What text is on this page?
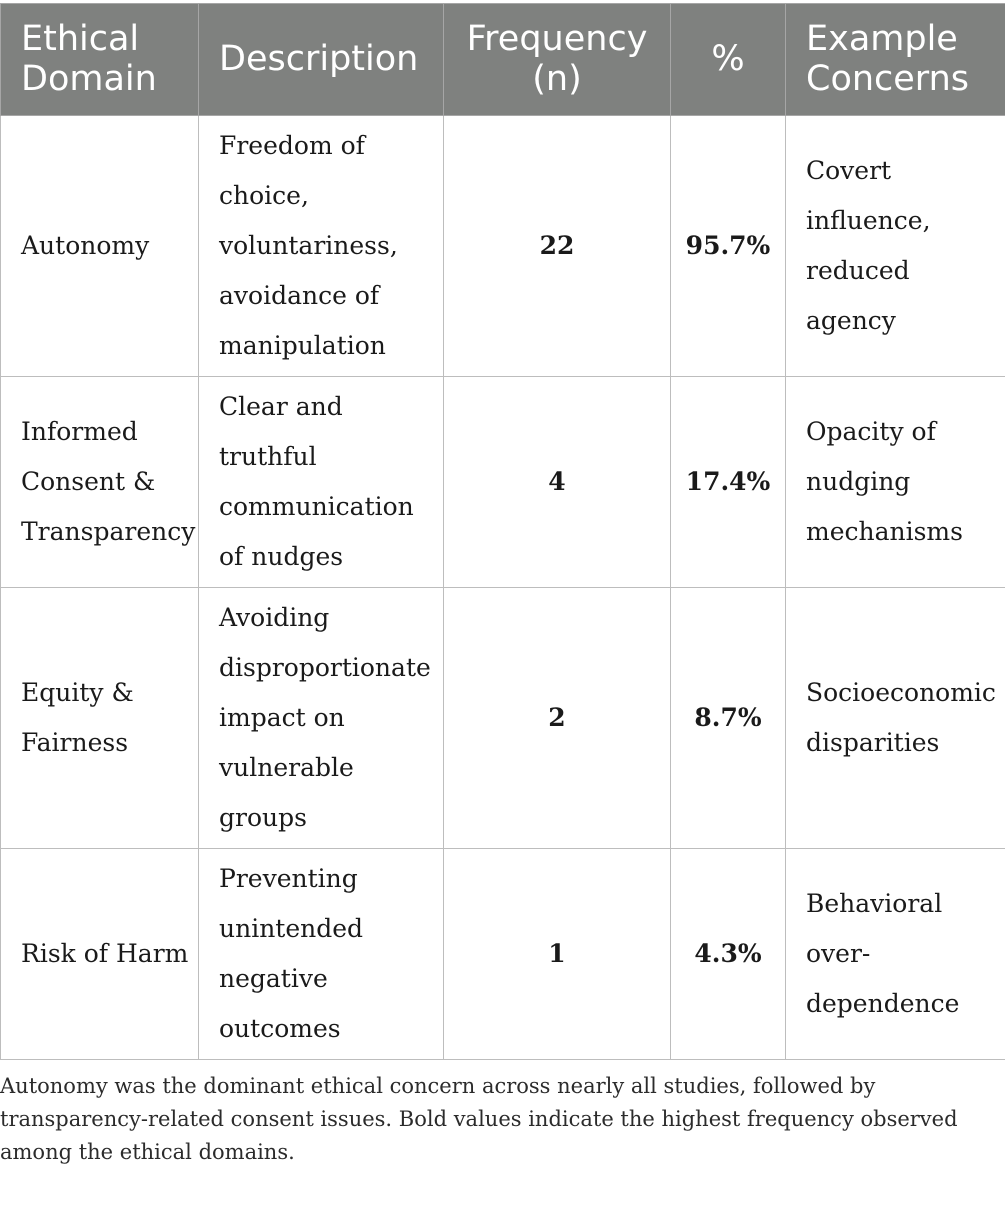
Ethical Domain	Description	Frequency (n)	%	Example Concerns
Autonomy	Freedom of choice, voluntariness, avoidance of manipulation	22	95.7%	Covert influence, reduced agency
Informed Consent & Transparency	Clear and truthful communication of nudges	4	17.4%	Opacity of nudging mechanisms
Equity & Fairness	Avoiding disproportionate impact on vulnerable groups	2	8.7%	Socioeconomic disparities
Risk of Harm	Preventing unintended negative outcomes	1	4.3%	Behavioral over-dependence

Autonomy was the dominant ethical concern across nearly all studies, followed by transparency-related consent issues. Bold values indicate the highest frequency observed among the ethical domains.
